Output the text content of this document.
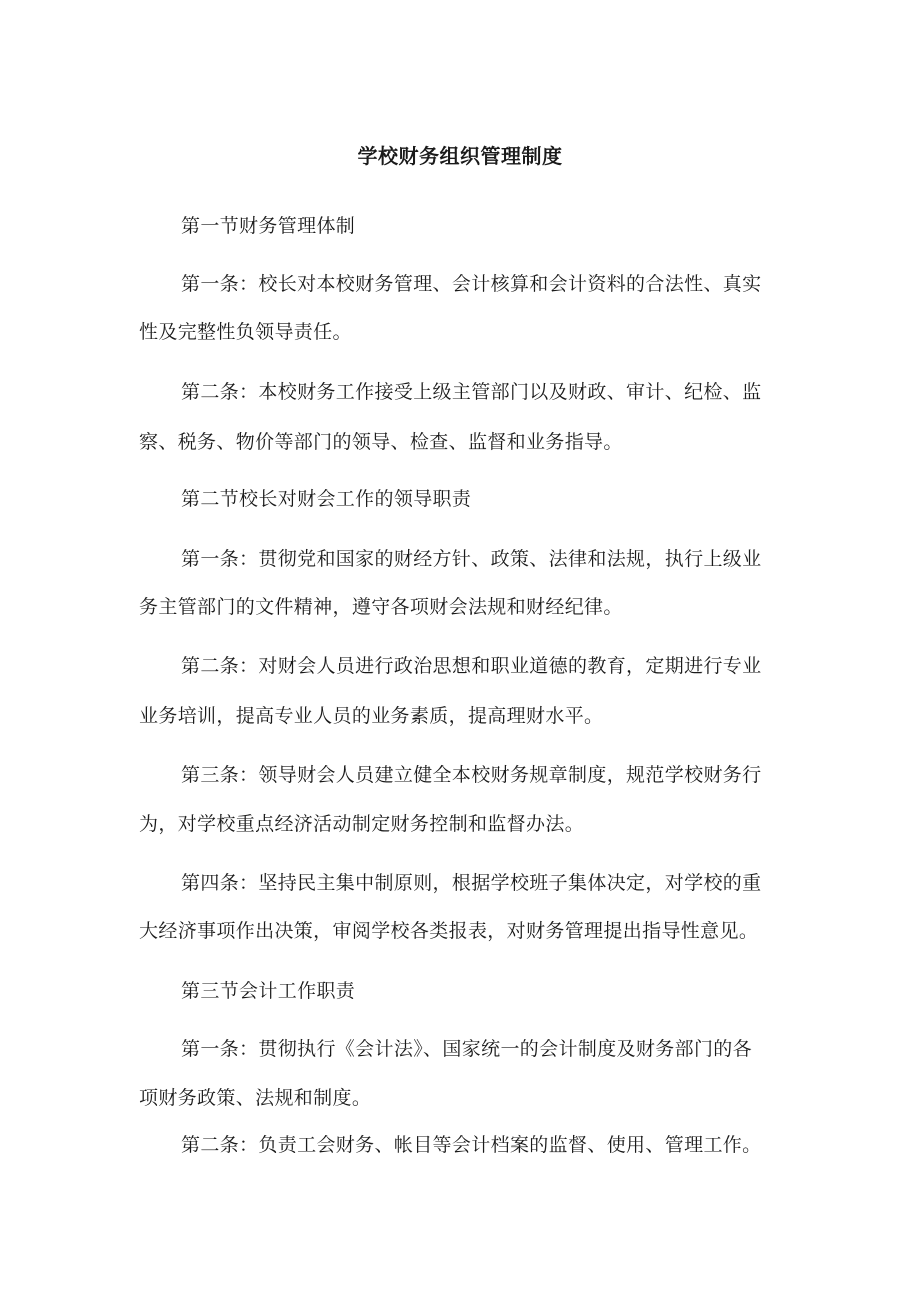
学校财务组织管理制度
第一节财务管理体制
第一条：校长对本校财务管理、会计核算和会计资料的合法性、真实
性及完整性负领导责任。
第二条：本校财务工作接受上级主管部门以及财政、审计、纪检、监
察、税务、物价等部门的领导、检查、监督和业务指导。
第二节校长对财会工作的领导职责
第一条：贯彻党和国家的财经方针、政策、法律和法规，执行上级业
务主管部门的文件精神，遵守各项财会法规和财经纪律。
第二条：对财会人员进行政治思想和职业道德的教育，定期进行专业
业务培训，提高专业人员的业务素质，提高理财水平。
第三条：领导财会人员建立健全本校财务规章制度，规范学校财务行
为，对学校重点经济活动制定财务控制和监督办法。
第四条：坚持民主集中制原则，根据学校班子集体决定，对学校的重
大经济事项作出决策，审阅学校各类报表，对财务管理提出指导性意见。
第三节会计工作职责
第一条：贯彻执行《会计法》、国家统一的会计制度及财务部门的各
项财务政策、法规和制度。
第二条：负责工会财务、帐目等会计档案的监督、使用、管理工作。
